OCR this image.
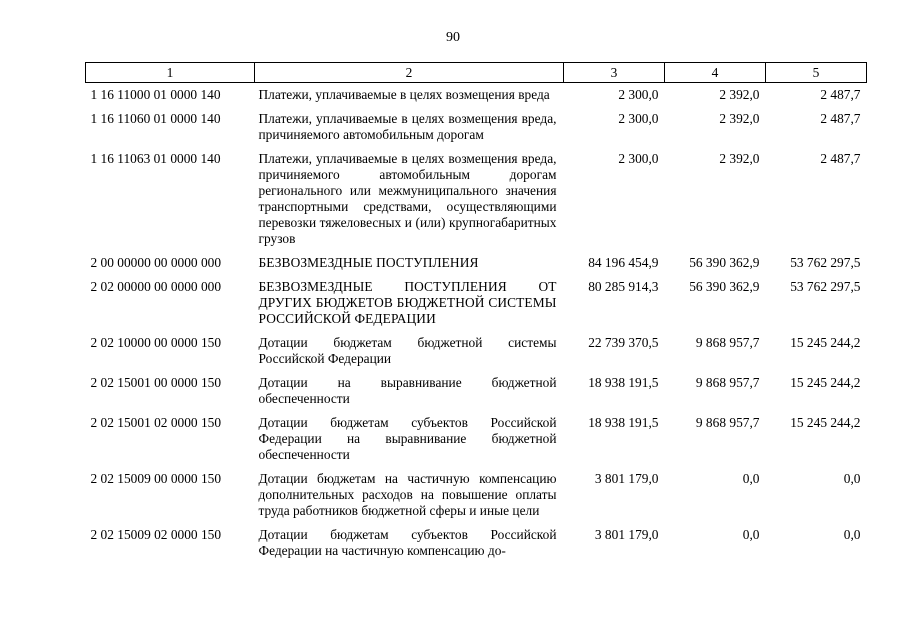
90
1	2	3	4	5
1 16 11000 01 0000 140	Платежи, уплачиваемые в целях возмещения вреда	2 300,0	2 392,0	2 487,7
1 16 11060 01 0000 140	Платежи, уплачиваемые в целях возмещения вреда, причиняемого автомобильным дорогам	2 300,0	2 392,0	2 487,7
1 16 11063 01 0000 140	Платежи, уплачиваемые в целях возмещения вреда, причиняемого автомобильным дорогам регионального или межмуниципального значения транспортными средствами, осуществляющими перевозки тяжеловесных и (или) крупногабаритных грузов	2 300,0	2 392,0	2 487,7
2 00 00000 00 0000 000	БЕЗВОЗМЕЗДНЫЕ ПОСТУПЛЕНИЯ	84 196 454,9	56 390 362,9	53 762 297,5
2 02 00000 00 0000 000	БЕЗВОЗМЕЗДНЫЕ ПОСТУПЛЕНИЯ ОТ ДРУГИХ БЮДЖЕТОВ БЮДЖЕТНОЙ СИСТЕМЫ РОССИЙСКОЙ ФЕДЕРАЦИИ	80 285 914,3	56 390 362,9	53 762 297,5
2 02 10000 00 0000 150	Дотации бюджетам бюджетной системы Российской Федерации	22 739 370,5	9 868 957,7	15 245 244,2
2 02 15001 00 0000 150	Дотации на выравнивание бюджетной обеспеченности	18 938 191,5	9 868 957,7	15 245 244,2
2 02 15001 02 0000 150	Дотации бюджетам субъектов Российской Федерации на выравнивание бюджетной обеспеченности	18 938 191,5	9 868 957,7	15 245 244,2
2 02 15009 00 0000 150	Дотации бюджетам на частичную компенсацию дополнительных расходов на повышение оплаты труда работников бюджетной сферы и иные цели	3 801 179,0	0,0	0,0
2 02 15009 02 0000 150	Дотации бюджетам субъектов Российской Федерации на частичную компенсацию до-	3 801 179,0	0,0	0,0
